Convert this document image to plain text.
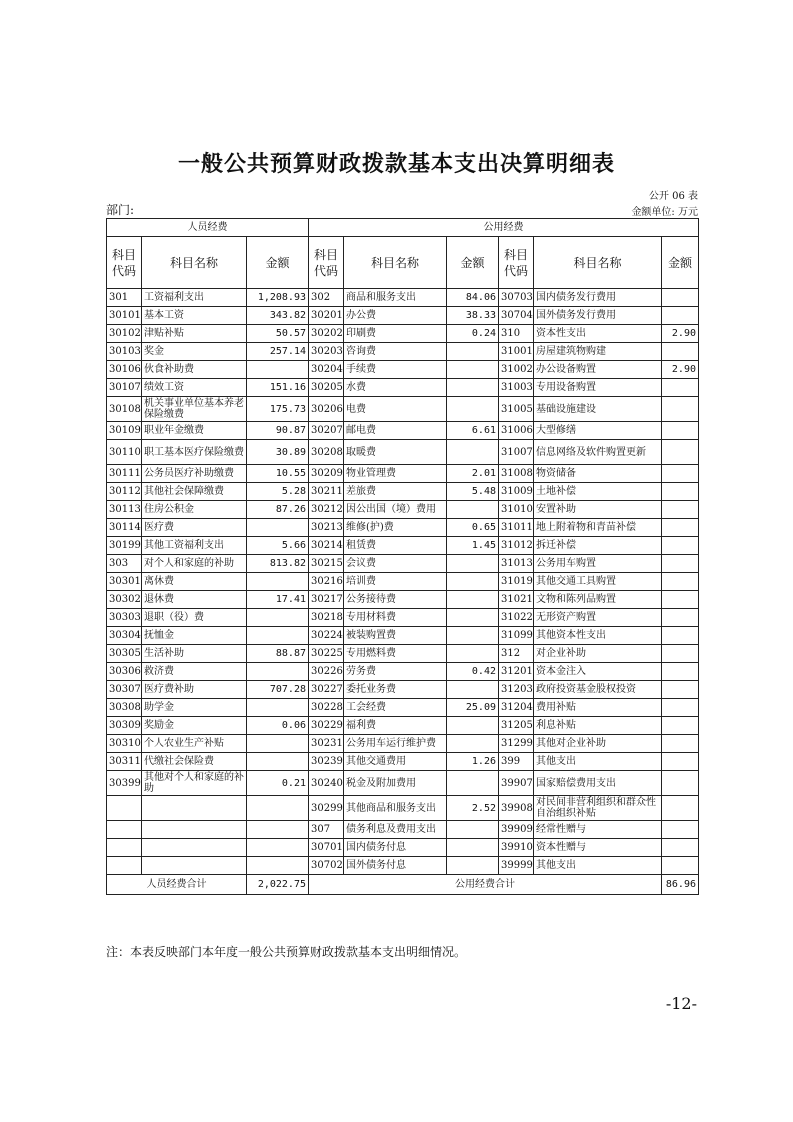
一般公共预算财政拨款基本支出决算明细表
公开 06 表
部门:	金额单位: 万元
人员经费			公用经费					
科目
代码	科目名称	金额	科目
代码	科目名称	金额	科目
代码	科目名称	金额
301	工资福利支出	1,208.93	302	商品和服务支出	84.06	30703	国内债务发行费用	
30101	基本工资	343.82	30201	办公费	38.33	30704	国外债务发行费用	
30102	津贴补贴	50.57	30202	印刷费	0.24	310	资本性支出	2.90
30103	奖金	257.14	30203	咨询费		31001	房屋建筑物购建	
30106	伙食补助费		30204	手续费		31002	办公设备购置	2.90
30107	绩效工资	151.16	30205	水费		31003	专用设备购置	
30108	机关事业单位基本养老保险缴费	175.73	30206	电费		31005	基础设施建设	
30109	职业年金缴费	90.87	30207	邮电费	6.61	31006	大型修缮	
30110	职工基本医疗保险缴费	30.89	30208	取暖费		31007	信息网络及软件购置更新	
30111	公务员医疗补助缴费	10.55	30209	物业管理费	2.01	31008	物资储备	
30112	其他社会保障缴费	5.28	30211	差旅费	5.48	31009	土地补偿	
30113	住房公积金	87.26	30212	因公出国（境）费用		31010	安置补助	
30114	医疗费		30213	维修(护)费	0.65	31011	地上附着物和青苗补偿	
30199	其他工资福利支出	5.66	30214	租赁费	1.45	31012	拆迁补偿	
303	对个人和家庭的补助	813.82	30215	会议费		31013	公务用车购置	
30301	离休费		30216	培训费		31019	其他交通工具购置	
30302	退休费	17.41	30217	公务接待费		31021	文物和陈列品购置	
30303	退职（役）费		30218	专用材料费		31022	无形资产购置	
30304	抚恤金		30224	被装购置费		31099	其他资本性支出	
30305	生活补助	88.87	30225	专用燃料费		312	对企业补助	
30306	救济费		30226	劳务费	0.42	31201	资本金注入	
30307	医疗费补助	707.28	30227	委托业务费		31203	政府投资基金股权投资	
30308	助学金		30228	工会经费	25.09	31204	费用补贴	
30309	奖励金	0.06	30229	福利费		31205	利息补贴	
30310	个人农业生产补贴		30231	公务用车运行维护费		31299	其他对企业补助	
30311	代缴社会保险费		30239	其他交通费用	1.26	399	其他支出	
30399	其他对个人和家庭的补助	0.21	30240	税金及附加费用		39907	国家赔偿费用支出	
			30299	其他商品和服务支出	2.52	39908	对民间非营利组织和群众性自治组织补贴	
			307	债务利息及费用支出		39909	经常性赠与	
			30701	国内债务付息		39910	资本性赠与	
			30702	国外债务付息		39999	其他支出	
人员经费合计		2,022.75	公用经费合计					86.96
注：本表反映部门本年度一般公共预算财政拨款基本支出明细情况。
-12-
